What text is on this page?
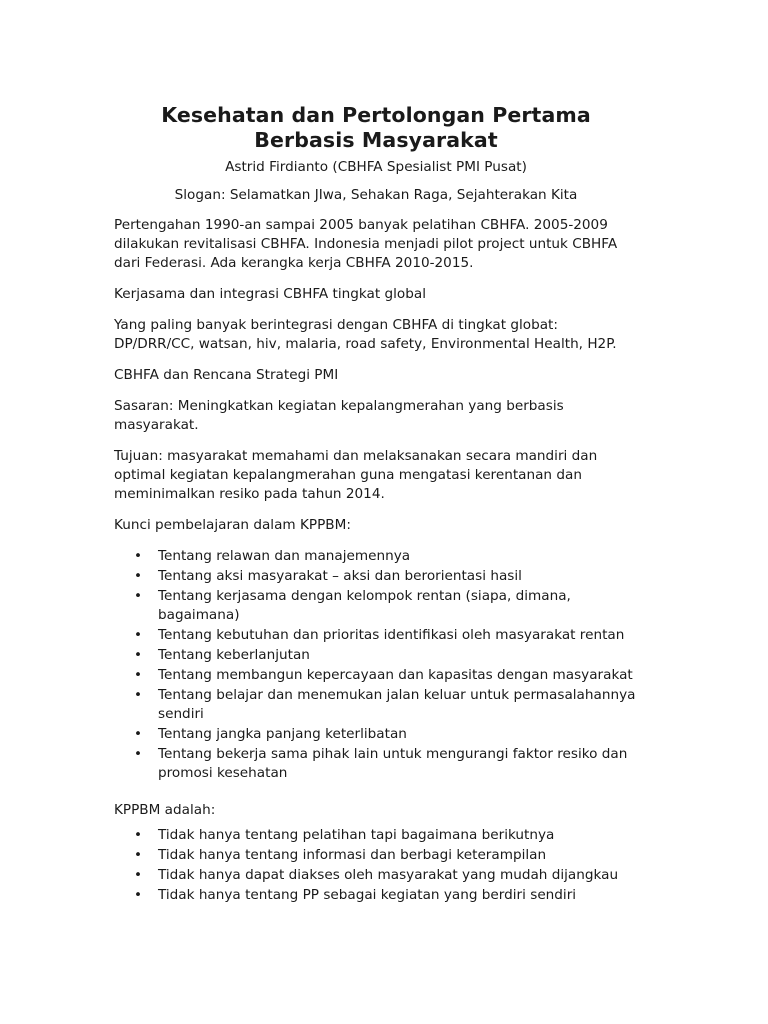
Kesehatan dan Pertolongan Pertama Berbasis Masyarakat
Astrid Firdianto (CBHFA Spesialist PMI Pusat)
Slogan: Selamatkan JIwa, Sehakan Raga, Sejahterakan Kita

Pertengahan 1990-an sampai 2005 banyak pelatihan CBHFA. 2005-2009 dilakukan revitalisasi CBHFA. Indonesia menjadi pilot project untuk CBHFA dari Federasi. Ada kerangka kerja CBHFA 2010-2015.

Kerjasama dan integrasi CBHFA tingkat global

Yang paling banyak berintegrasi dengan CBHFA di tingkat globat: DP/DRR/CC, watsan, hiv, malaria, road safety, Environmental Health, H2P.

CBHFA dan Rencana Strategi PMI

Sasaran: Meningkatkan kegiatan kepalangmerahan yang berbasis masyarakat.

Tujuan: masyarakat memahami dan melaksanakan secara mandiri dan optimal kegiatan kepalangmerahan guna mengatasi kerentanan dan meminimalkan resiko pada tahun 2014.

Kunci pembelajaran dalam KPPBM:

• Tentang relawan dan manajemennya
• Tentang aksi masyarakat – aksi dan berorientasi hasil
• Tentang kerjasama dengan kelompok rentan (siapa, dimana, bagaimana)
• Tentang kebutuhan dan prioritas identifikasi oleh masyarakat rentan
• Tentang keberlanjutan
• Tentang membangun kepercayaan dan kapasitas dengan masyarakat
• Tentang belajar dan menemukan jalan keluar untuk permasalahannya sendiri
• Tentang jangka panjang keterlibatan
• Tentang bekerja sama pihak lain untuk mengurangi faktor resiko dan promosi kesehatan

KPPBM adalah:

• Tidak hanya tentang pelatihan tapi bagaimana berikutnya
• Tidak hanya tentang informasi dan berbagi keterampilan
• Tidak hanya dapat diakses oleh masyarakat yang mudah dijangkau
• Tidak hanya tentang PP sebagai kegiatan yang berdiri sendiri
